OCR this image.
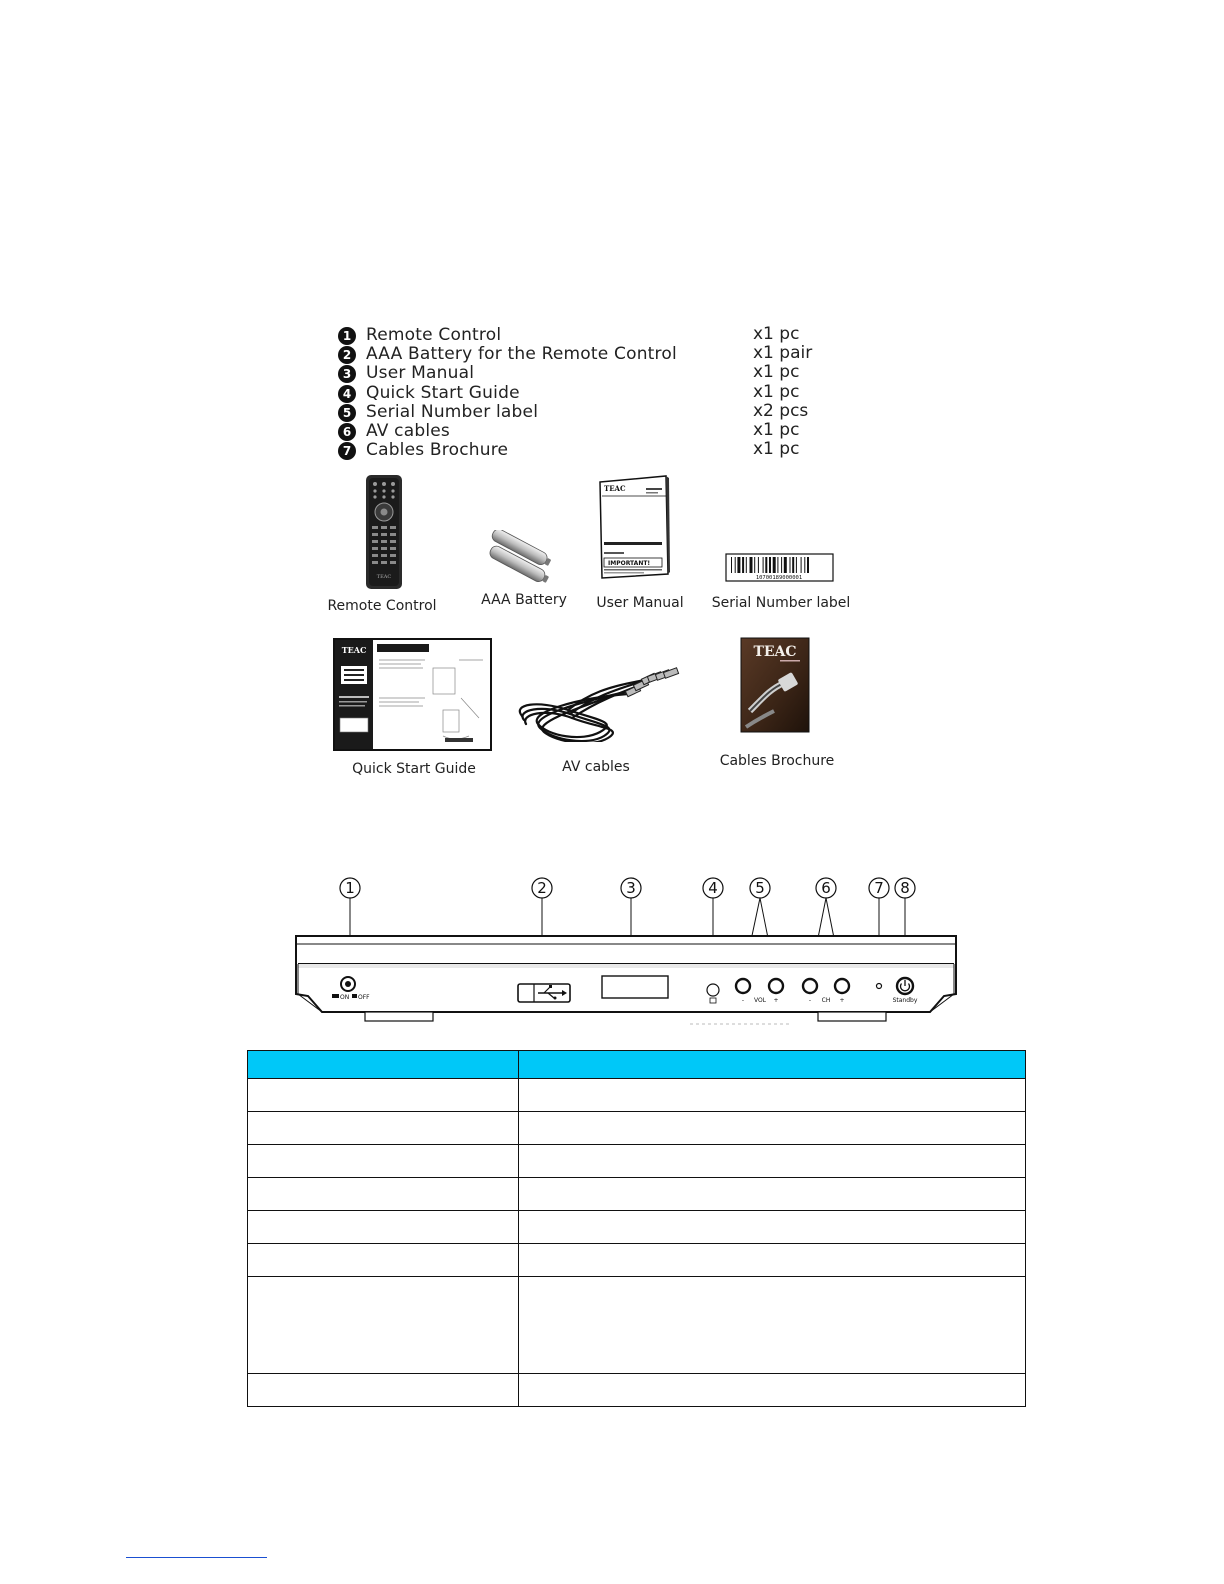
1 Remote Control	x1 pc
2 AAA Battery for the Remote Control	x1 pair
3 User Manual	x1 pc
4 Quick Start Guide	x1 pc
5 Serial Number label	x2 pcs
6 AV cables	x1 pc
7 Cables Brochure	x1 pc
TEAC
Remote Control	AAA Battery
TEAC
IMPORTANT!
User Manual
10700189000001
Serial Number label
TEAC
Quick Start Guide	AV cables
TEAC
Cables Brochure
1	2	3	4 5	6	7 8
ON OFF	- VOL +	- CH +	Standby
